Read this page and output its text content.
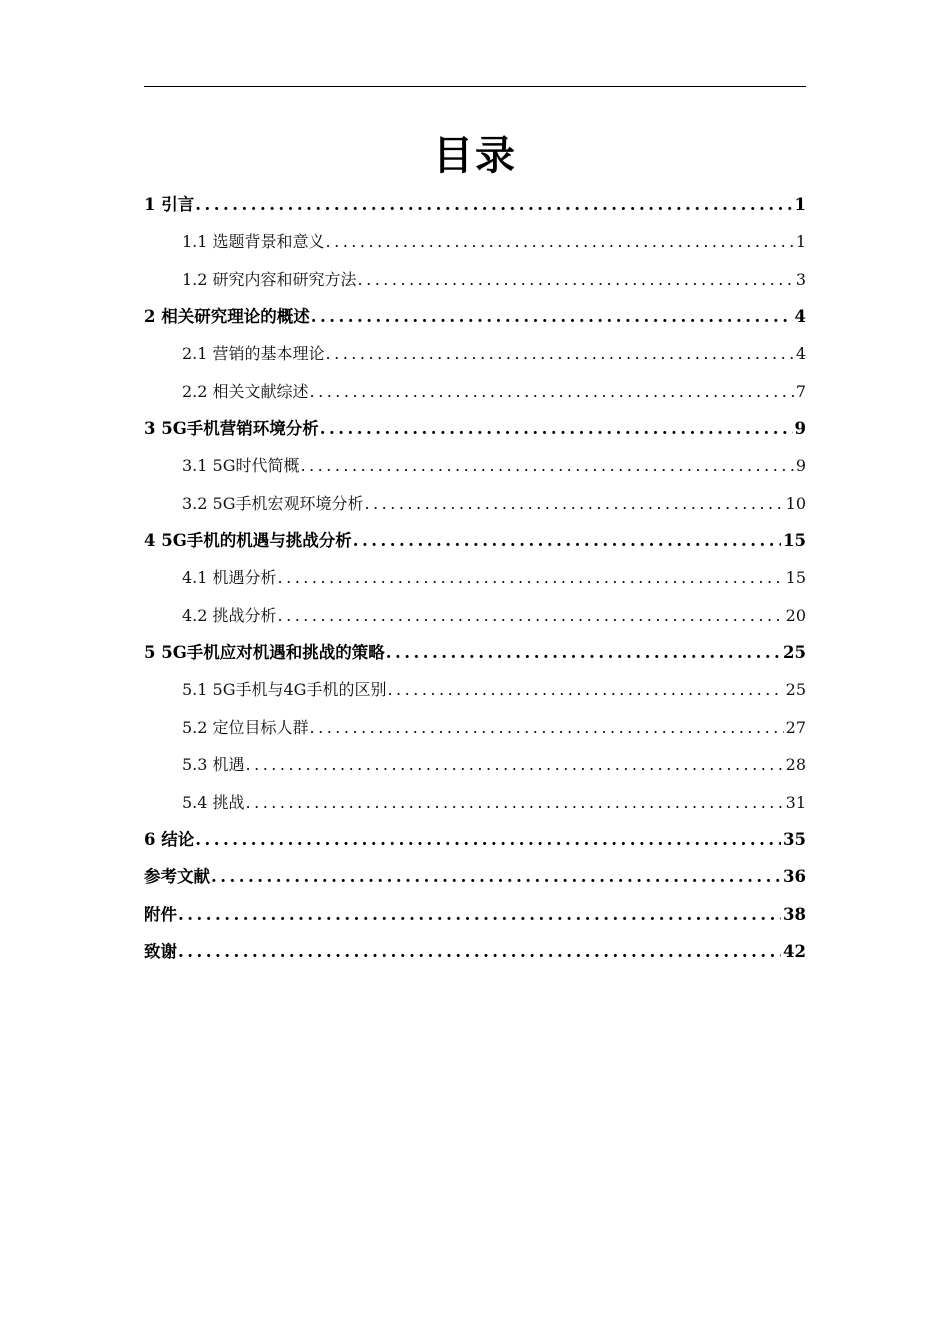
目录
1 引言 .....	1
1.1 选题背景和意义 .....	1
1.2 研究内容和研究方法 .....	3
2 相关研究理论的概述 .....	4
2.1 营销的基本理论 .....	4
2.2 相关文献综述 .....	7
3 5G手机营销环境分析 .....	9
3.1 5G时代简概 .....	9
3.2 5G手机宏观环境分析 .....	10
4 5G手机的机遇与挑战分析 .....	15
4.1 机遇分析 .....	15
4.2 挑战分析 .....	20
5 5G手机应对机遇和挑战的策略 .....	25
5.1 5G手机与4G手机的区别 .....	25
5.2 定位目标人群 .....	27
5.3 机遇 .....	28
5.4 挑战 .....	31
6 结论 .....	35
参考文献 .....	36
附件 .....	38
致谢 .....	42
